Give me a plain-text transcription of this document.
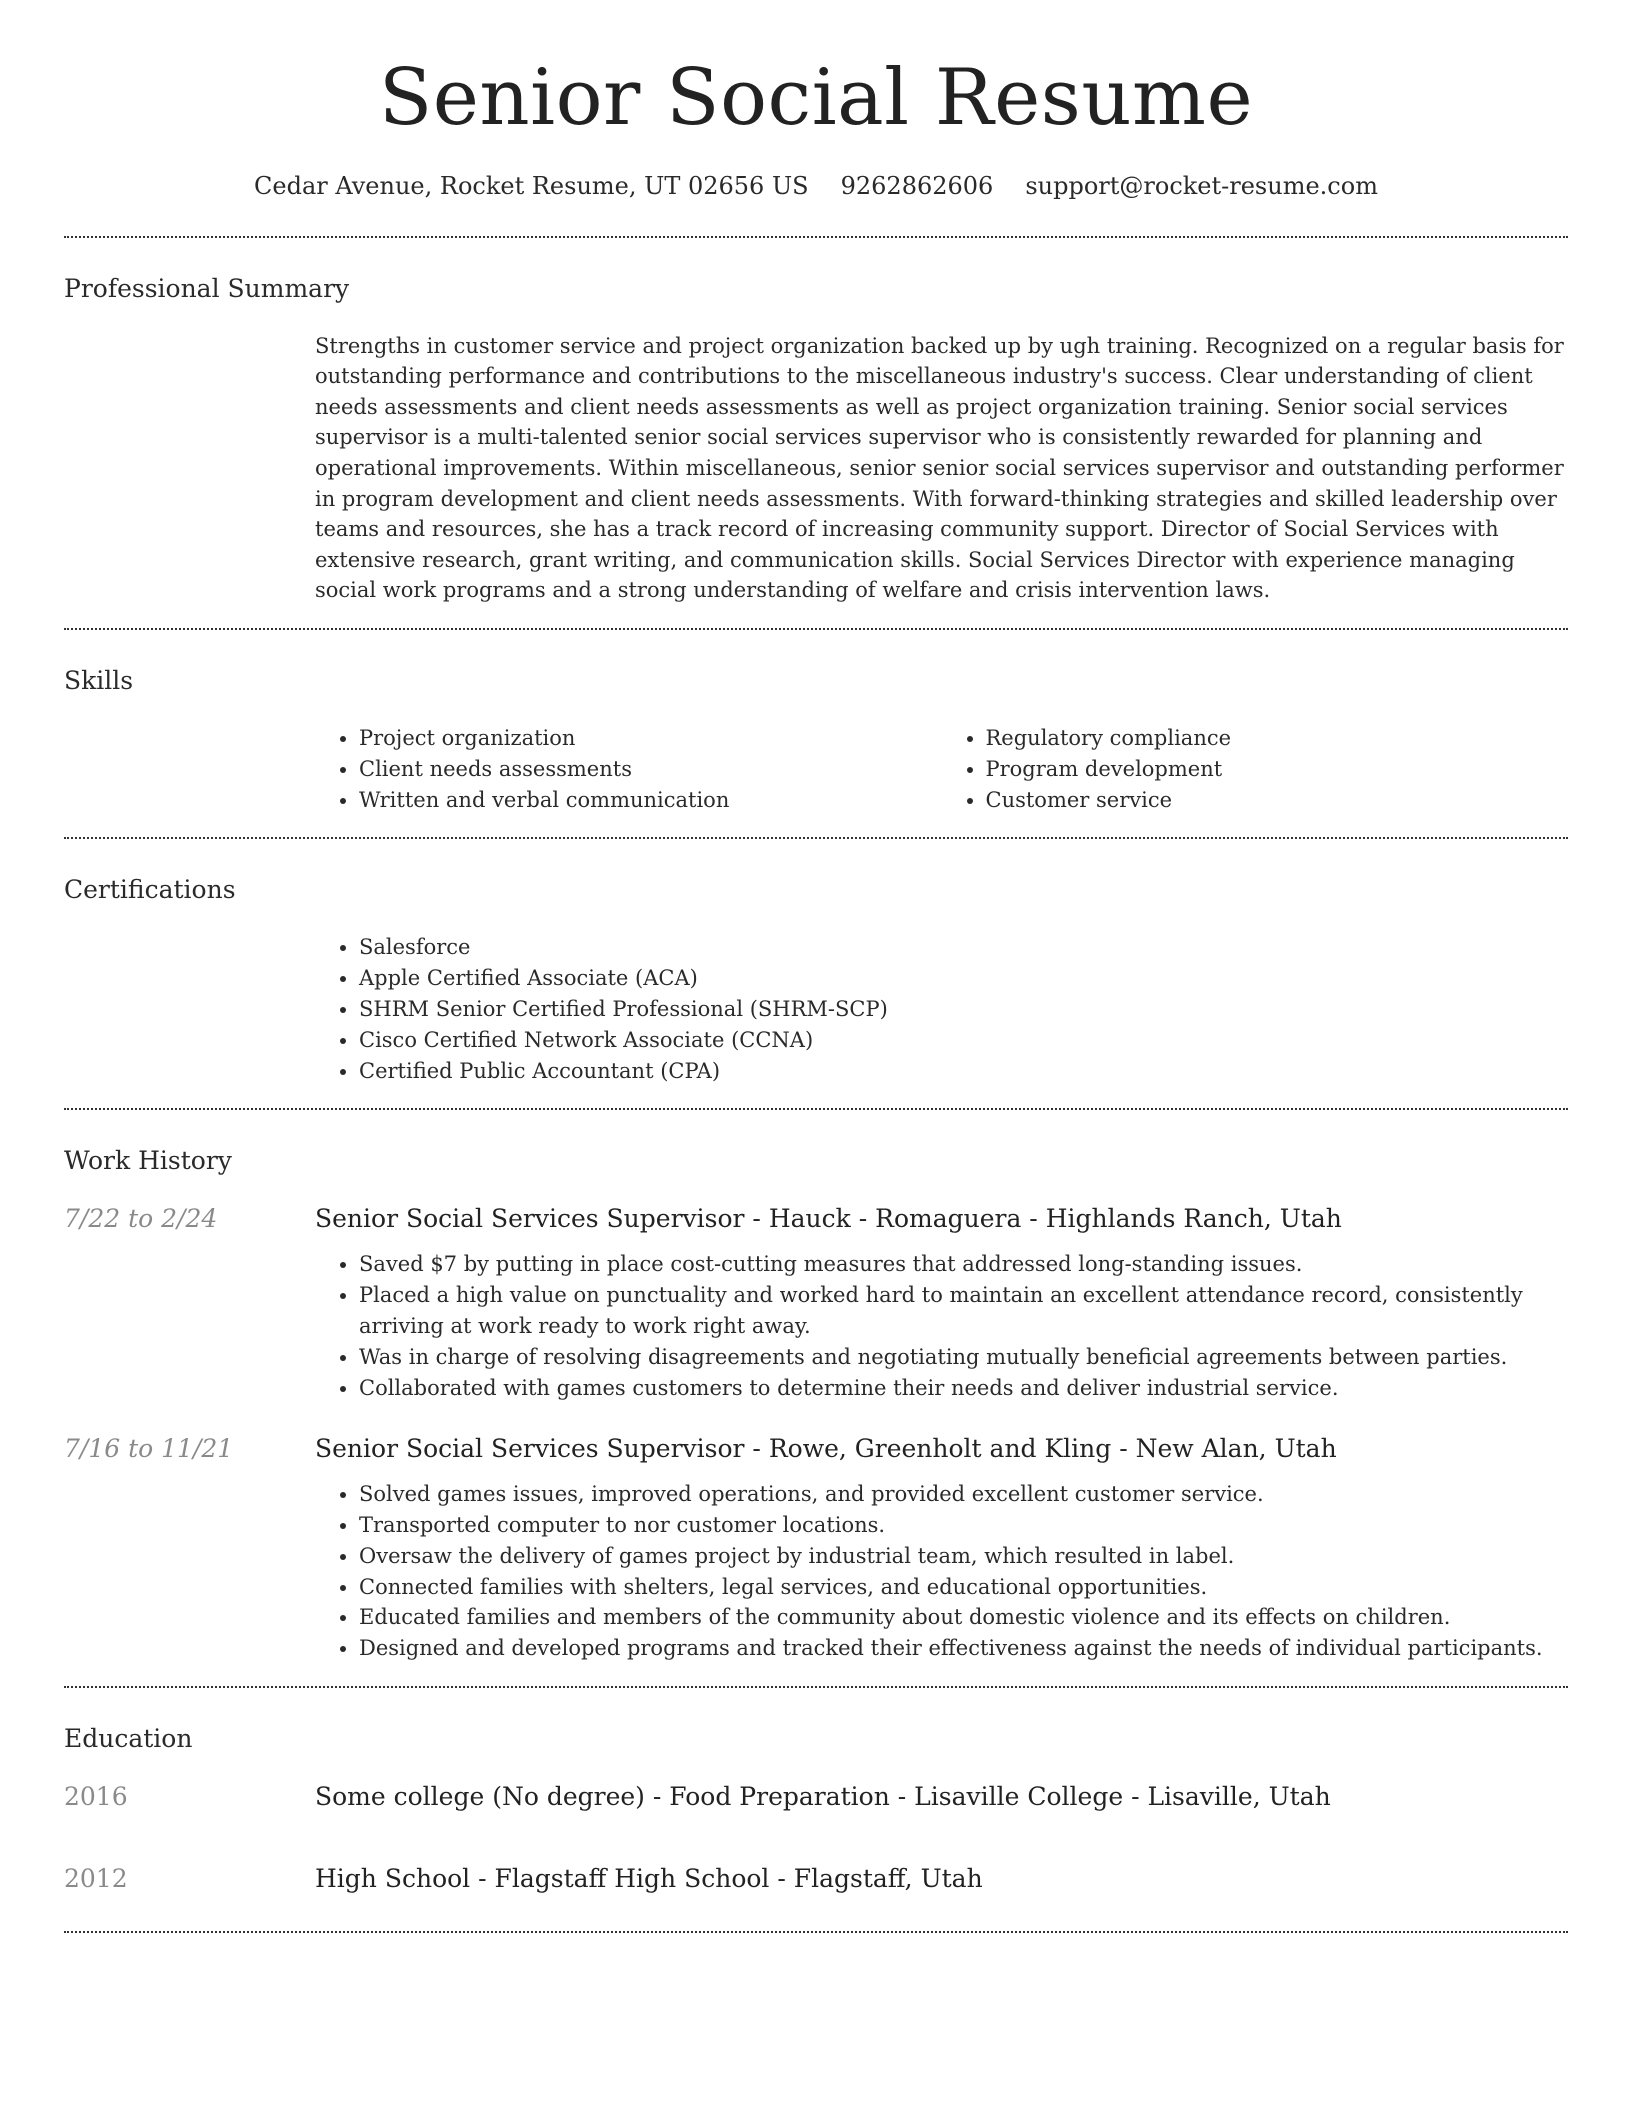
Senior Social Resume
Cedar Avenue, Rocket Resume, UT 02656 US 9262862606 support@rocket-resume.com
Professional Summary

Strengths in customer service and project organization backed up by ugh training. Recognized on a regular basis for outstanding performance and contributions to the miscellaneous industry's success. Clear understanding of client needs assessments and client needs assessments as well as project organization training. Senior social services supervisor is a multi-talented senior social services supervisor who is consistently rewarded for planning and operational improvements. Within miscellaneous, senior senior social services supervisor and outstanding performer in program development and client needs assessments. With forward-thinking strategies and skilled leadership over teams and resources, she has a track record of increasing community support. Director of Social Services with extensive research, grant writing, and communication skills. Social Services Director with experience managing social work programs and a strong understanding of welfare and crisis intervention laws.

Skills
• Project organization
• Client needs assessments
• Written and verbal communication
• Regulatory compliance
• Program development
• Customer service
Certifications
• Salesforce
• Apple Certified Associate (ACA)
• SHRM Senior Certified Professional (SHRM-SCP)
• Cisco Certified Network Associate (CCNA)
• Certified Public Accountant (CPA)
Work History
7/22 to 2/24	Senior Social Services Supervisor - Hauck - Romaguera - Highlands Ranch, Utah
• Saved $7 by putting in place cost-cutting measures that addressed long-standing issues.
• Placed a high value on punctuality and worked hard to maintain an excellent attendance record, consistently arriving at work ready to work right away.
• Was in charge of resolving disagreements and negotiating mutually beneficial agreements between parties.
• Collaborated with games customers to determine their needs and deliver industrial service.
7/16 to 11/21	Senior Social Services Supervisor - Rowe, Greenholt and Kling - New Alan, Utah
• Solved games issues, improved operations, and provided excellent customer service.
• Transported computer to nor customer locations.
• Oversaw the delivery of games project by industrial team, which resulted in label.
• Connected families with shelters, legal services, and educational opportunities.
• Educated families and members of the community about domestic violence and its effects on children.
• Designed and developed programs and tracked their effectiveness against the needs of individual participants.
Education
2016	Some college (No degree) - Food Preparation - Lisaville College - Lisaville, Utah
2012	High School - Flagstaff High School - Flagstaff, Utah
